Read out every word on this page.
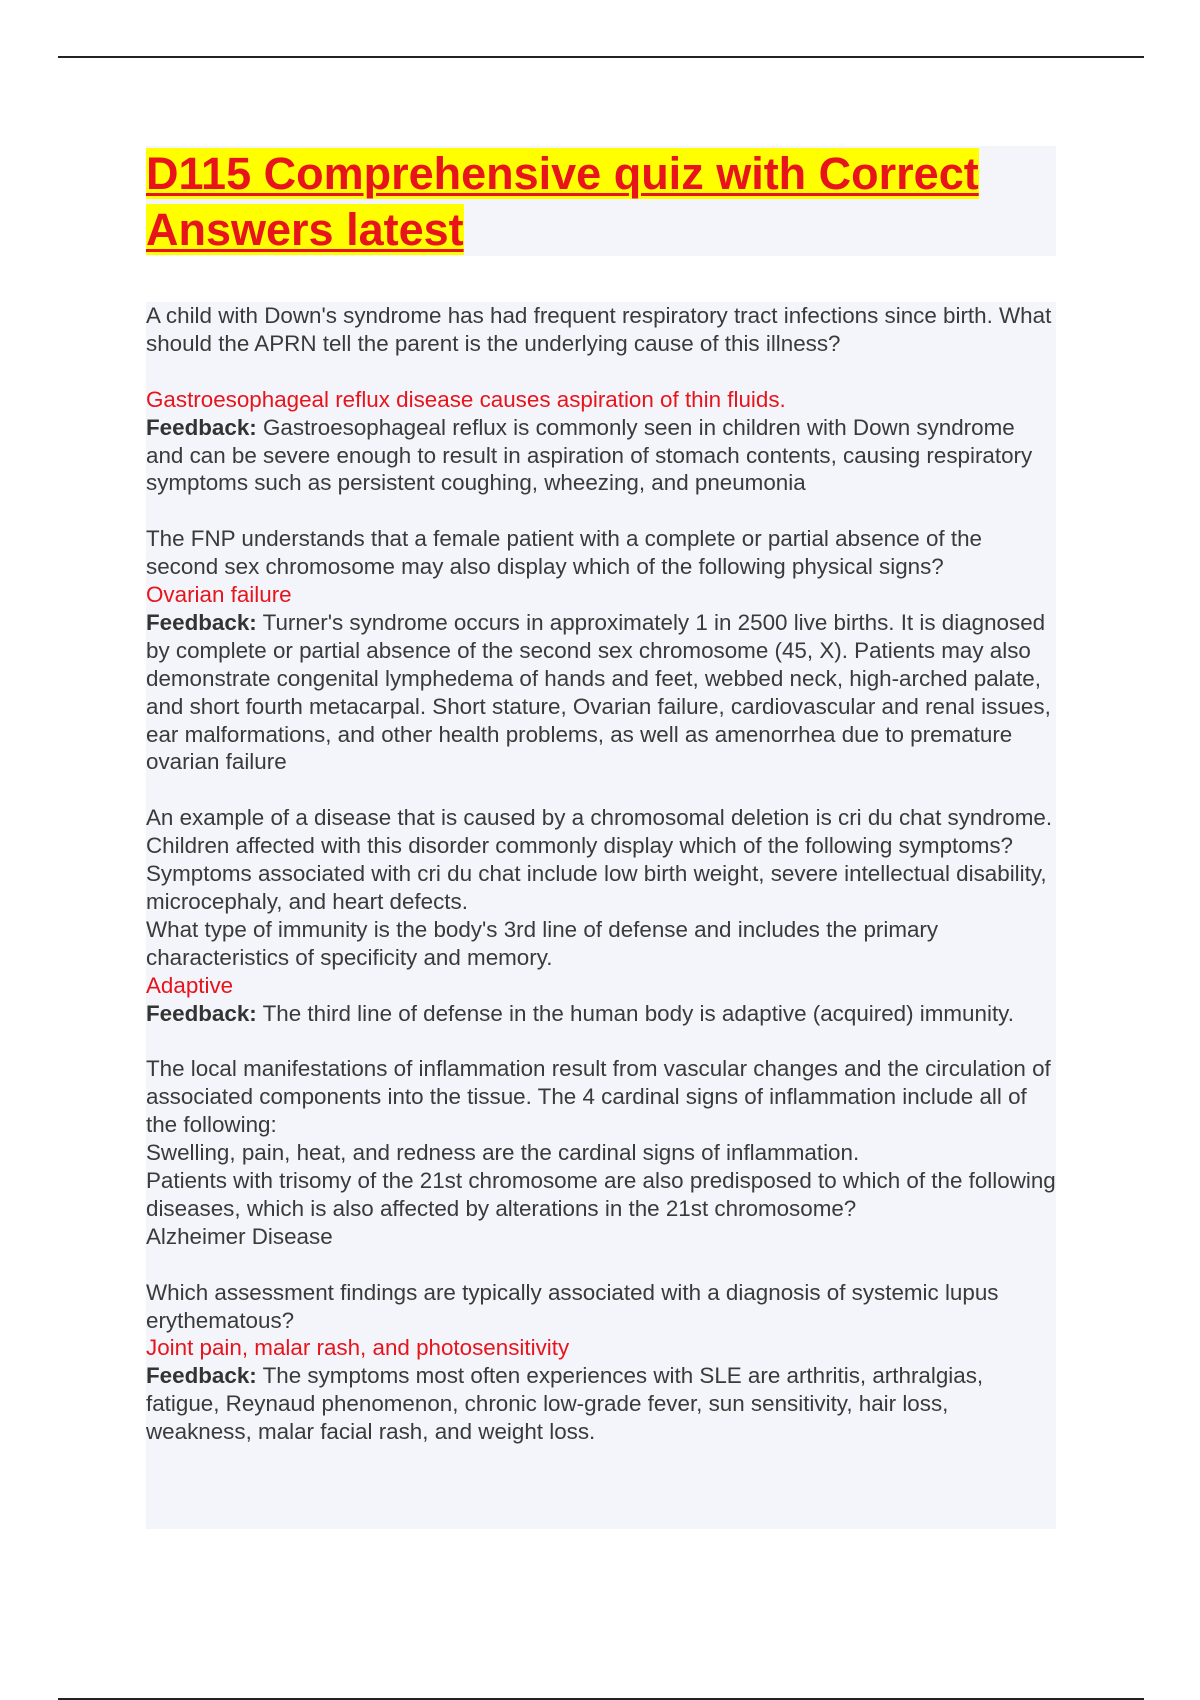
D115 Comprehensive quiz with Correct Answers latest

A child with Down's syndrome has had frequent respiratory tract infections since birth. What should the APRN tell the parent is the underlying cause of this illness?

Gastroesophageal reflux disease causes aspiration of thin fluids.

Feedback: Gastroesophageal reflux is commonly seen in children with Down syndrome and can be severe enough to result in aspiration of stomach contents, causing respiratory symptoms such as persistent coughing, wheezing, and pneumonia

The FNP understands that a female patient with a complete or partial absence of the second sex chromosome may also display which of the following physical signs?

Ovarian failure

Feedback: Turner's syndrome occurs in approximately 1 in 2500 live births. It is diagnosed by complete or partial absence of the second sex chromosome (45, X). Patients may also demonstrate congenital lymphedema of hands and feet, webbed neck, high-arched palate, and short fourth metacarpal. Short stature, Ovarian failure, cardiovascular and renal issues, ear malformations, and other health problems, as well as amenorrhea due to premature ovarian failure

An example of a disease that is caused by a chromosomal deletion is cri du chat syndrome. Children affected with this disorder commonly display which of the following symptoms?

Symptoms associated with cri du chat include low birth weight, severe intellectual disability, microcephaly, and heart defects.

What type of immunity is the body's 3rd line of defense and includes the primary characteristics of specificity and memory.

Adaptive

Feedback: The third line of defense in the human body is adaptive (acquired) immunity.

The local manifestations of inflammation result from vascular changes and the circulation of associated components into the tissue. The 4 cardinal signs of inflammation include all of the following:

Swelling, pain, heat, and redness are the cardinal signs of inflammation.

Patients with trisomy of the 21st chromosome are also predisposed to which of the following diseases, which is also affected by alterations in the 21st chromosome?

Alzheimer Disease

Which assessment findings are typically associated with a diagnosis of systemic lupus erythematous?

Joint pain, malar rash, and photosensitivity

Feedback: The symptoms most often experiences with SLE are arthritis, arthralgias, fatigue, Reynaud phenomenon, chronic low-grade fever, sun sensitivity, hair loss, weakness, malar facial rash, and weight loss.
